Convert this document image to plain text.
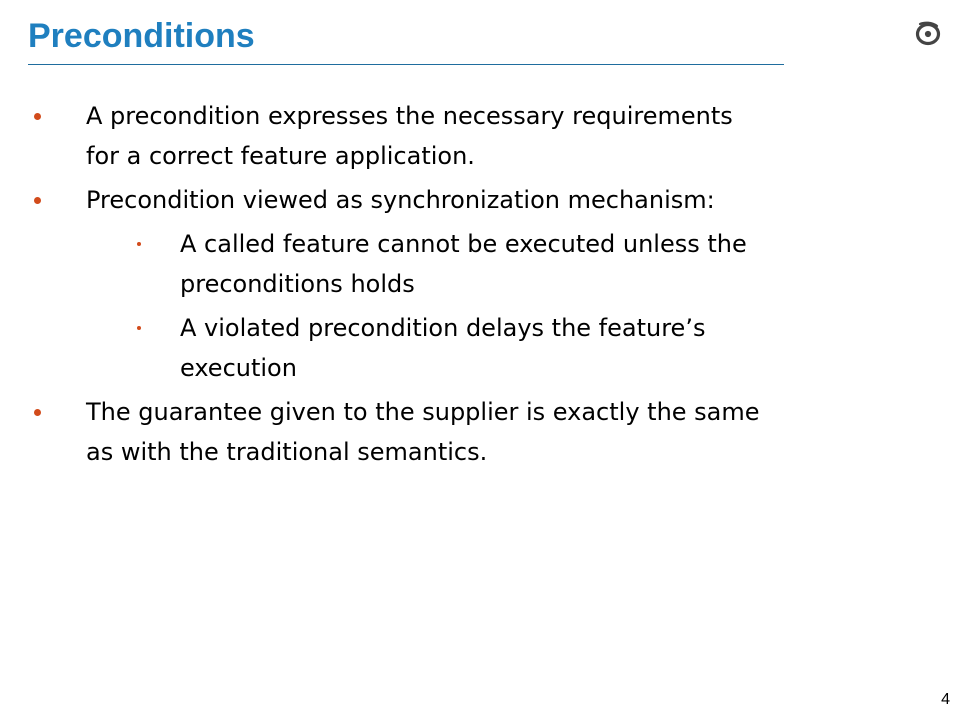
Preconditions
A precondition expresses the necessary requirements
for a correct feature application.
Precondition viewed as synchronization mechanism:
A called feature cannot be executed unless the
preconditions holds
A violated precondition delays the feature’s
execution
The guarantee given to the supplier is exactly the same
as with the traditional semantics.
4
